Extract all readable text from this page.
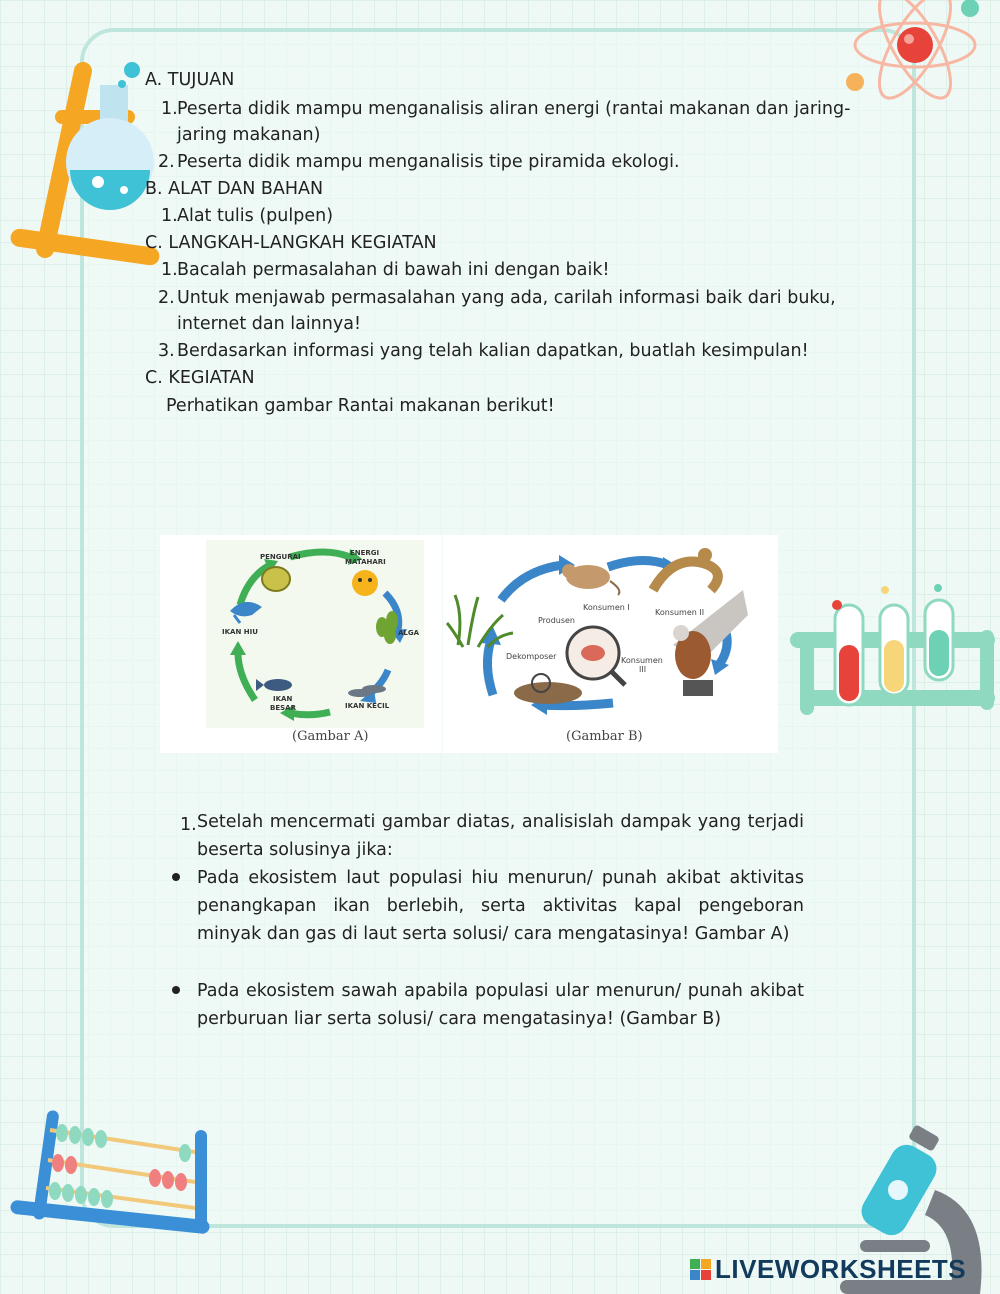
A. TUJUAN
1. Peserta didik mampu menganalisis aliran energi (rantai makanan dan jaring-
jaring makanan)
2. Peserta didik mampu menganalisis tipe piramida ekologi.
B. ALAT DAN BAHAN
1. Alat tulis (pulpen)
C. LANGKAH-LANGKAH KEGIATAN
1. Bacalah permasalahan di bawah ini dengan baik!
2. Untuk menjawab permasalahan yang ada, carilah informasi baik dari buku,
internet dan lainnya!
3. Berdasarkan informasi yang telah kalian dapatkan, buatlah kesimpulan!
C. KEGIATAN
Perhatikan gambar Rantai makanan berikut!
PENGURAI	ENERGI
MATAHARI
ALGA
IKAN HIU
IKAN
BESAR	IKAN KECIL
(Gambar A)
Produsen
Konsumen I
Konsumen II
Konsumen
III
Dekomposer
(Gambar B)
1. Setelah mencermati gambar diatas, analisislah dampak yang terjadi beserta solusinya jika:
Pada ekosistem laut populasi hiu menurun/ punah akibat aktivitas penangkapan ikan berlebih, serta aktivitas kapal pengeboran minyak dan gas di laut serta solusi/ cara mengatasinya! Gambar A)
Pada ekosistem sawah apabila populasi ular menurun/ punah akibat perburuan liar serta solusi/ cara mengatasinya! (Gambar B)
LIVEWORKSHEETS
